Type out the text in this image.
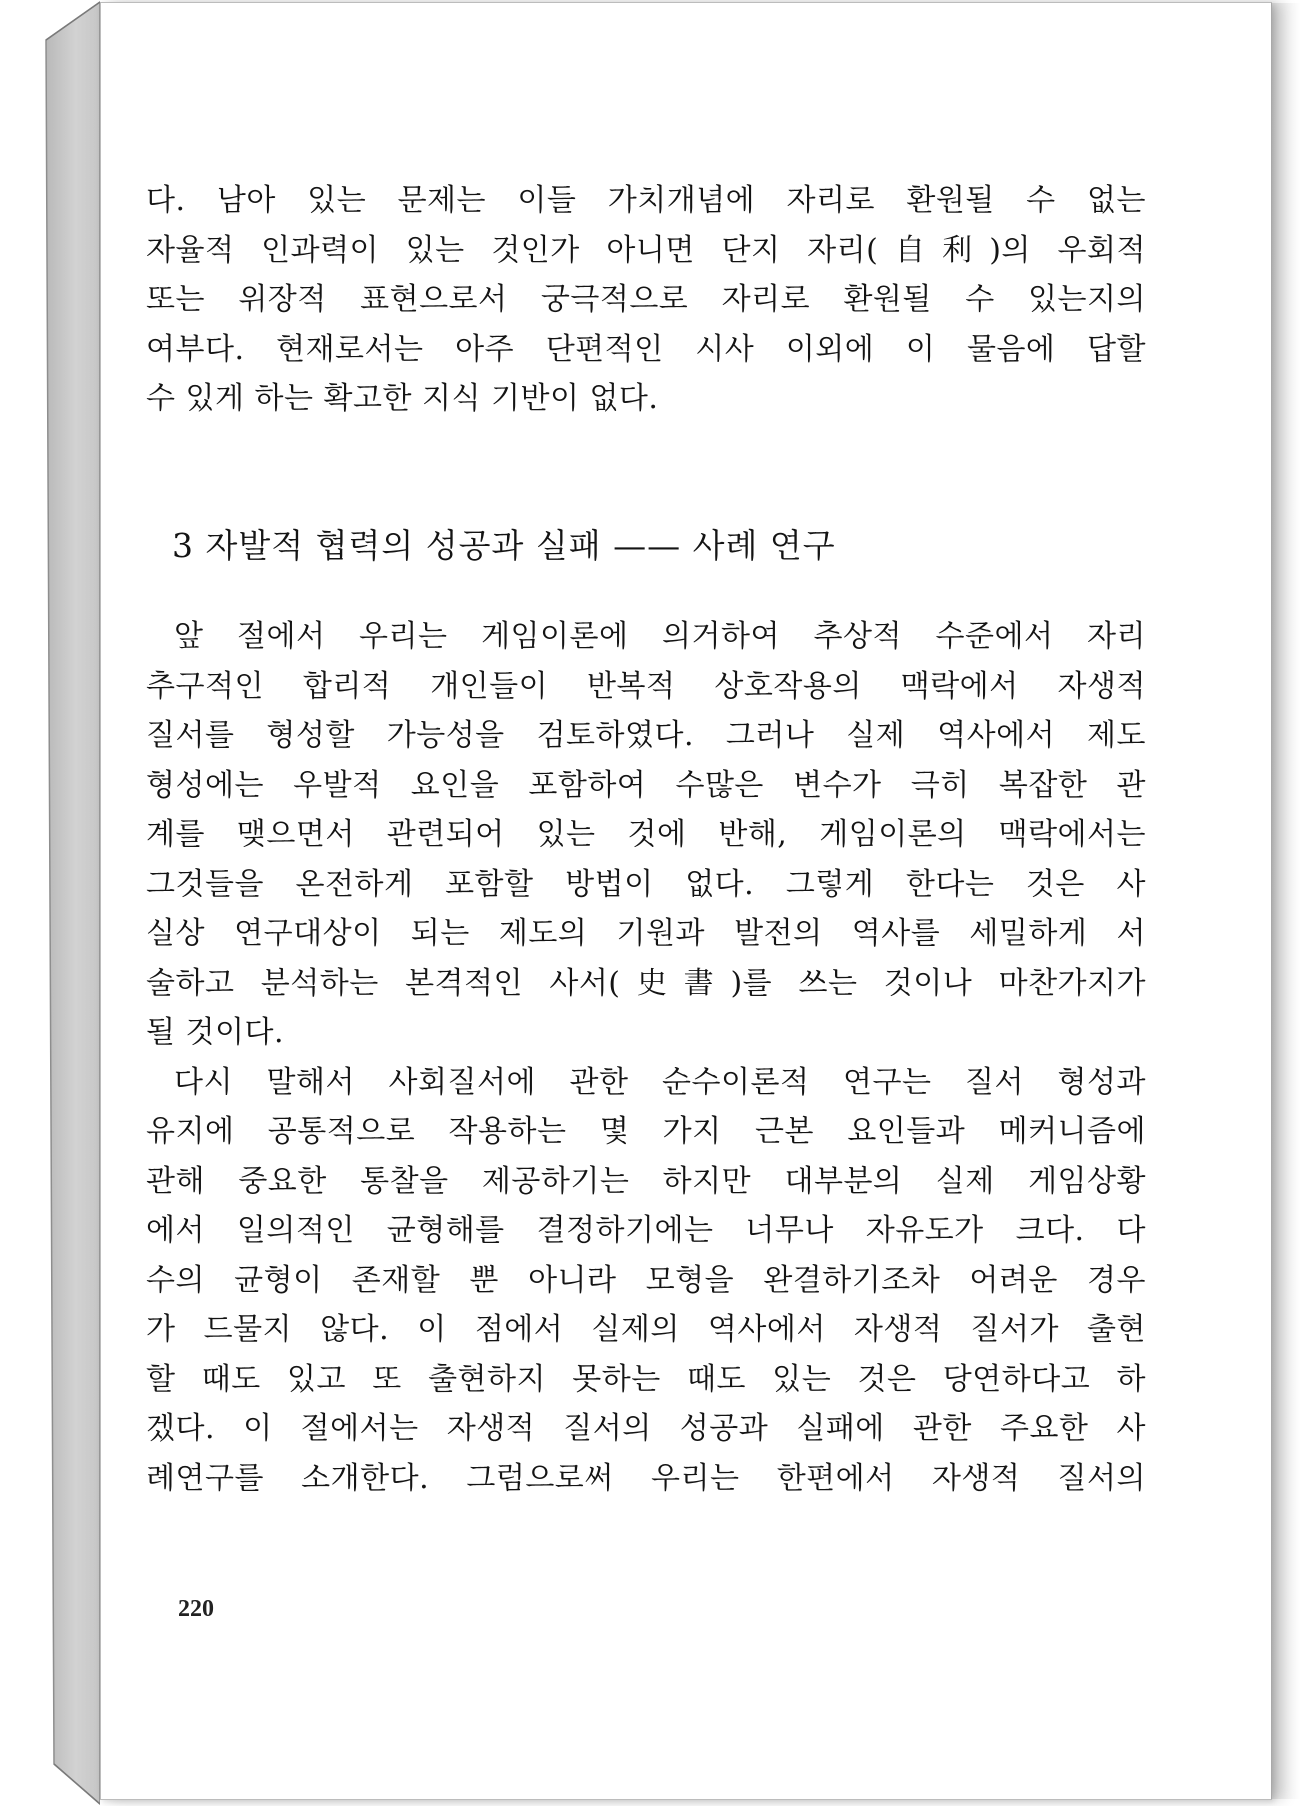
다. 남아 있는 문제는 이들 가치개념에 자리로 환원될 수 없는
자율적 인과력이 있는 것인가 아니면 단지 자리(自利)의 우회적
또는 위장적 표현으로서 궁극적으로 자리로 환원될 수 있는지의
여부다. 현재로서는 아주 단편적인 시사 이외에 이 물음에 답할
수 있게 하는 확고한 지식 기반이 없다.
3 자발적 협력의 성공과 실패 —— 사례 연구
앞 절에서 우리는 게임이론에 의거하여 추상적 수준에서 자리
추구적인 합리적 개인들이 반복적 상호작용의 맥락에서 자생적
질서를 형성할 가능성을 검토하였다. 그러나 실제 역사에서 제도
형성에는 우발적 요인을 포함하여 수많은 변수가 극히 복잡한 관
계를 맺으면서 관련되어 있는 것에 반해, 게임이론의 맥락에서는
그것들을 온전하게 포함할 방법이 없다. 그렇게 한다는 것은 사
실상 연구대상이 되는 제도의 기원과 발전의 역사를 세밀하게 서
술하고 분석하는 본격적인 사서(史書)를 쓰는 것이나 마찬가지가
될 것이다.
다시 말해서 사회질서에 관한 순수이론적 연구는 질서 형성과
유지에 공통적으로 작용하는 몇 가지 근본 요인들과 메커니즘에
관해 중요한 통찰을 제공하기는 하지만 대부분의 실제 게임상황
에서 일의적인 균형해를 결정하기에는 너무나 자유도가 크다. 다
수의 균형이 존재할 뿐 아니라 모형을 완결하기조차 어려운 경우
가 드물지 않다. 이 점에서 실제의 역사에서 자생적 질서가 출현
할 때도 있고 또 출현하지 못하는 때도 있는 것은 당연하다고 하
겠다. 이 절에서는 자생적 질서의 성공과 실패에 관한 주요한 사
례연구를 소개한다. 그럼으로써 우리는 한편에서 자생적 질서의
220
